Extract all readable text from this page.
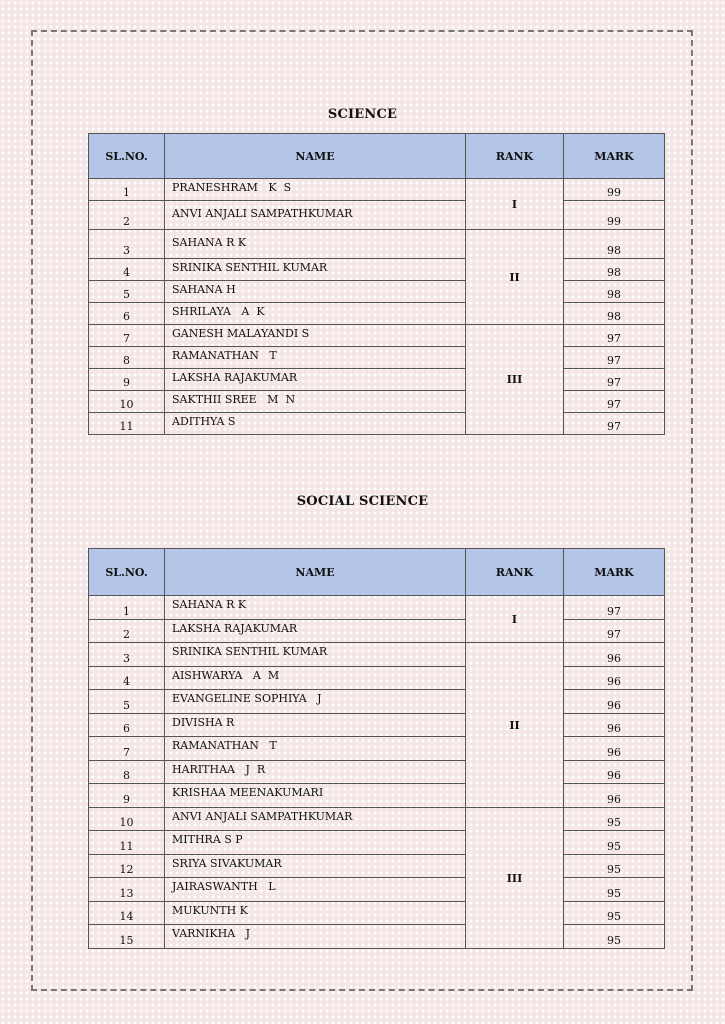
SCIENCE
SL.NO.	NAME	RANK	MARK
1	PRANESHRAM   K  S	I	99
2	ANVI ANJALI SAMPATHKUMAR		99
3	SAHANA R K	II	98
4	SRINIKA SENTHIL KUMAR		98
5	SAHANA H		98
6	SHRILAYA   A  K		98
7	GANESH MALAYANDI S	III	97
8	RAMANATHAN   T		97
9	LAKSHA RAJAKUMAR		97
10	SAKTHII SREE   M  N		97
11	ADITHYA S		97
SOCIAL SCIENCE
SL.NO.	NAME	RANK	MARK
1	SAHANA R K	I	97
2	LAKSHA RAJAKUMAR		97
3	SRINIKA SENTHIL KUMAR	II	96
4	AISHWARYA   A  M		96
5	EVANGELINE SOPHIYA   J		96
6	DIVISHA R		96
7	RAMANATHAN   T		96
8	HARITHAA   J  R		96
9	KRISHAA MEENAKUMARI		96
10	ANVI ANJALI SAMPATHKUMAR	III	95
11	MITHRA S P		95
12	SRIYA SIVAKUMAR		95
13	JAIRASWANTH   L		95
14	MUKUNTH K		95
15	VARNIKHA   J		95
